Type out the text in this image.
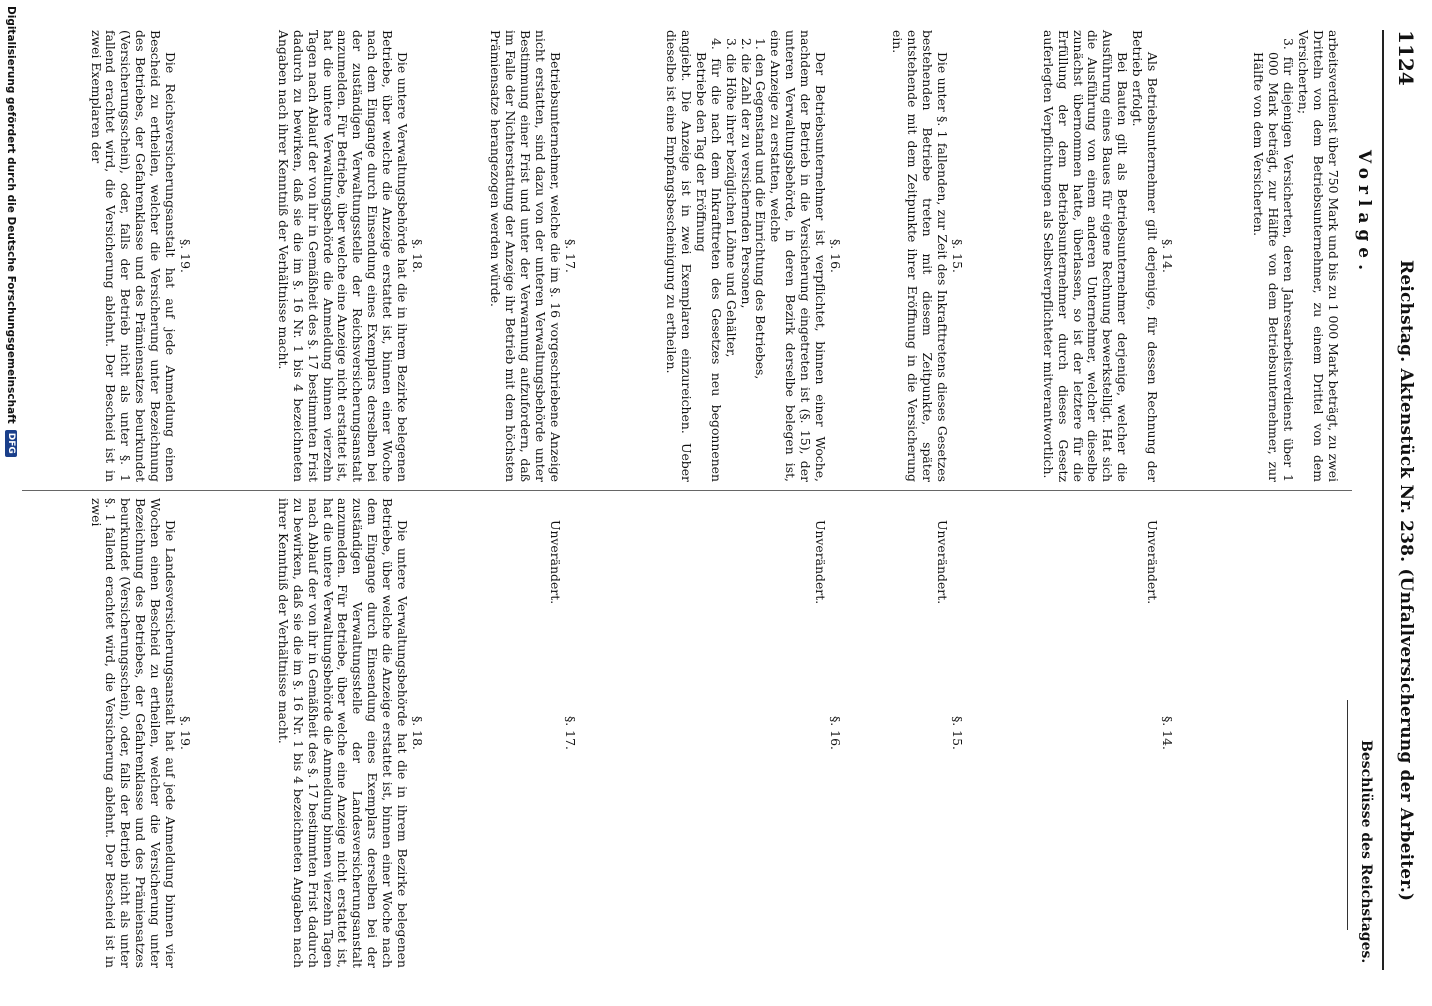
1124
Reichstag. Aktenstück Nr. 238. (Unfallversicherung der Arbeiter.)
Vorlage.
Beschlüsse des Reichstages.

arbeitsverdienst über 750 Mark und bis zu 1 000 Mark beträgt, zu zwei Dritteln von dem Betriebsunternehmer, zu einem Drittel von dem Versicherten;

3. für diejenigen Versicherten, deren Jahresarbeitsverdienst über 1 000 Mark beträgt, zur Hälfte von dem Betriebsunternehmer, zur Hälfte von dem Versicherten.

§. 14.

Als Betriebsunternehmer gilt derjenige, für dessen Rechnung der Betrieb erfolgt.

Bei Bauten gilt als Betriebsunternehmer derjenige, welcher die Ausführung eines Baues für eigene Rechnung bewerkstelligt. Hat sich die Ausführung von einem anderen Unternehmer, welcher dieselbe zunächst übernommen hatte, überlassen, so ist der letztere für die Erfüllung der dem Betriebsunternehmer durch dieses Gesetz auferlegten Verpflichtungen als Selbstverpflichteter mitverantwortlich.

§. 15.

Die unter §. 1 fallenden, zur Zeit des Inkrafttretens dieses Gesetzes bestehenden Betriebe treten mit diesem Zeitpunkte, später entstehende mit dem Zeitpunkte ihrer Eröffnung in die Versicherung ein.

§. 16.

Der Betriebsunternehmer ist verpflichtet, binnen einer Woche, nachdem der Betrieb in die Versicherung eingetreten ist (§. 15), der unteren Verwaltungsbehörde, in deren Bezirk derselbe belegen ist, eine Anzeige zu erstatten, welche

1. den Gegenstand und die Einrichtung des Betriebes,

2. die Zahl der zu versichernden Personen,

3. die Höhe ihrer bezüglichen Löhne und Gehälter,

4. für die nach dem Inkrafttreten des Gesetzes neu begonnenen Betriebe den Tag der Eröffnung

angiebt. Die Anzeige ist in zwei Exemplaren einzureichen. Ueber dieselbe ist eine Empfangsbescheinigung zu ertheilen.

§. 17.

Betriebsunternehmer, welche die im §. 16 vorgeschriebene Anzeige nicht erstatten, sind dazu von der unteren Verwaltungsbehörde unter Bestimmung einer Frist und unter der Verwarnung aufzufordern, daß im Falle der Nichterstattung der Anzeige ihr Betrieb mit dem höchsten Prämiensatze herangezogen werden würde.

§. 18.

Die untere Verwaltungsbehörde hat die in ihrem Bezirke belegenen Betriebe, über welche die Anzeige erstattet ist, binnen einer Woche nach dem Eingange durch Einsendung eines Exemplars derselben bei der zuständigen Verwaltungsstelle der Reichsversicherungsanstalt anzumelden. Für Betriebe, über welche eine Anzeige nicht erstattet ist, hat die untere Verwaltungsbehörde die Anmeldung binnen vierzehn Tagen nach Ablauf der von ihr in Gemäßheit des §. 17 bestimmten Frist dadurch zu bewirken, daß sie die im §. 16 Nr. 1 bis 4 bezeichneten Angaben nach ihrer Kenntniß der Verhältnisse macht.

§. 19.

Die Reichsversicherungsanstalt hat auf jede Anmeldung einen Bescheid zu ertheilen, welcher die Versicherung unter Bezeichnung des Betriebes, der Gefahrenklasse und des Prämiensatzes beurkundet (Versicherungsschein), oder, falls der Betrieb nicht als unter §. 1 fallend erachtet wird, die Versicherung ablehnt. Der Bescheid ist in zwei Exemplaren der

§. 14.

Unverändert.

§. 15.

Unverändert.

§. 16.

Unverändert.

§. 17.

Unverändert.

§. 18.

Die untere Verwaltungsbehörde hat die in ihrem Bezirke belegenen Betriebe, über welche die Anzeige erstattet ist, binnen einer Woche nach dem Eingange durch Einsendung eines Exemplars derselben bei der zuständigen Verwaltungsstelle der Landesversicherungsanstalt anzumelden. Für Betriebe, über welche eine Anzeige nicht erstattet ist, hat die untere Verwaltungsbehörde die Anmeldung binnen vierzehn Tagen nach Ablauf der von ihr in Gemäßheit des §. 17 bestimmten Frist dadurch zu bewirken, daß sie die im §. 16 Nr. 1 bis 4 bezeichneten Angaben nach ihrer Kenntniß der Verhältnisse macht.

§. 19.

Die Landesversicherungsanstalt hat auf jede Anmeldung binnen vier Wochen einen Bescheid zu ertheilen, welcher die Versicherung unter Bezeichnung des Betriebes, der Gefahrenklasse und des Prämiensatzes beurkundet (Versicherungsschein), oder, falls der Betrieb nicht als unter §. 1 fallend erachtet wird, die Versicherung ablehnt. Der Bescheid ist in zwei

Digitalisierung gefördert durch die Deutsche Forschungsgemeinschaft
DFG
